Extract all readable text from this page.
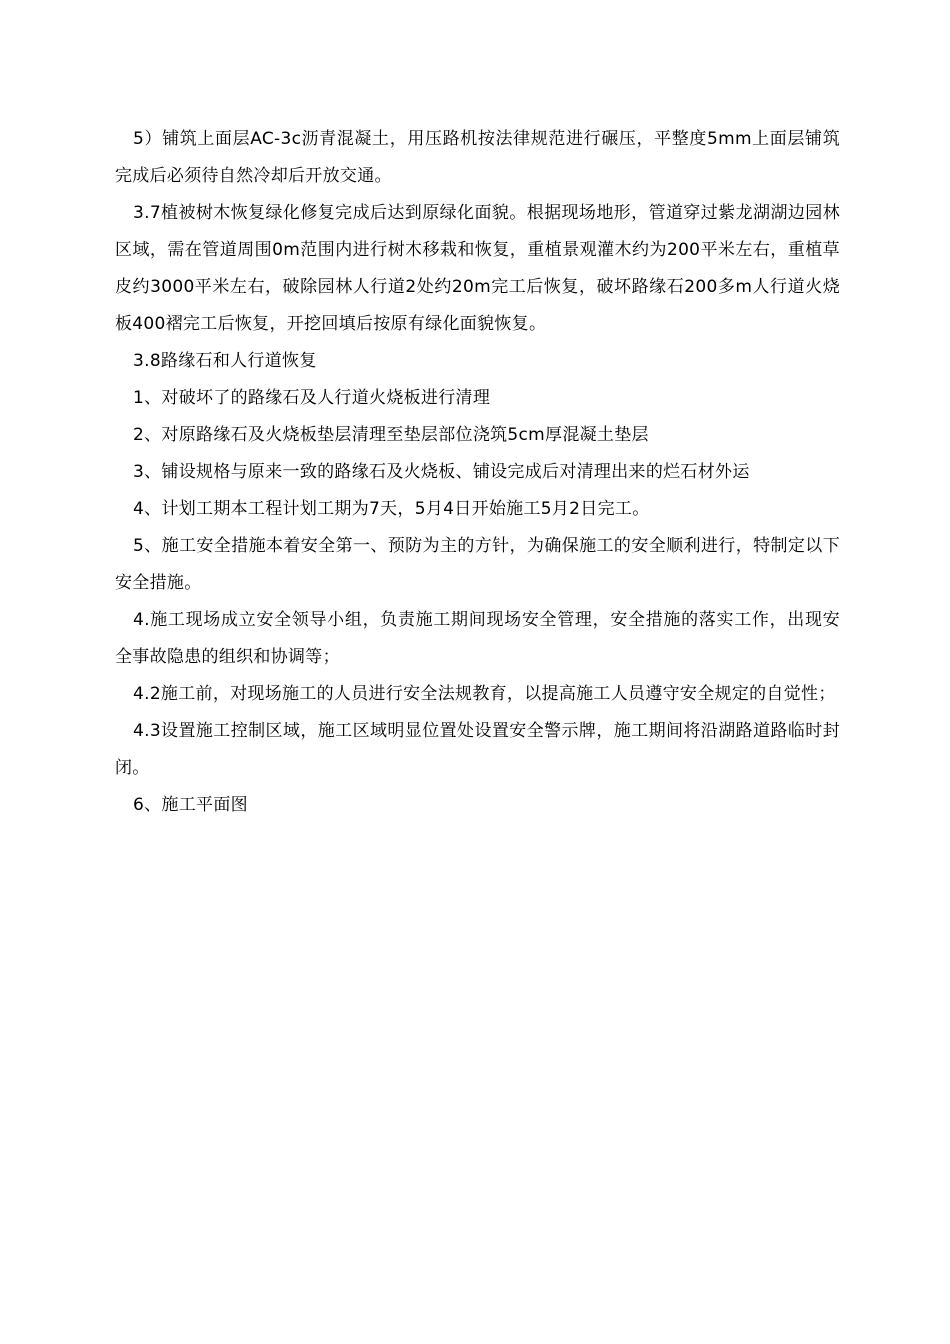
5）铺筑上面层AC-3c沥青混凝土，用压路机按法律规范进行碾压，平整度5mm上面层铺筑完成后必须待自然冷却后开放交通。

3.7植被树木恢复绿化修复完成后达到原绿化面貌。根据现场地形，管道穿过紫龙湖湖边园林区域，需在管道周围0m范围内进行树木移栽和恢复，重植景观灌木约为200平米左右，重植草皮约3000平米左右，破除园林人行道2处约20m完工后恢复，破坏路缘石200多m人行道火烧板400褶完工后恢复，开挖回填后按原有绿化面貌恢复。

3.8路缘石和人行道恢复

1、对破坏了的路缘石及人行道火烧板进行清理

2、对原路缘石及火烧板垫层清理至垫层部位浇筑5cm厚混凝土垫层

3、铺设规格与原来一致的路缘石及火烧板、铺设完成后对清理出来的烂石材外运

4、计划工期本工程计划工期为7天，5月4日开始施工5月2日完工。

5、施工安全措施本着安全第一、预防为主的方针，为确保施工的安全顺利进行，特制定以下安全措施。

4.施工现场成立安全领导小组，负责施工期间现场安全管理，安全措施的落实工作，出现安全事故隐患的组织和协调等；

4.2施工前，对现场施工的人员进行安全法规教育，以提高施工人员遵守安全规定的自觉性；

4.3设置施工控制区域，施工区域明显位置处设置安全警示牌，施工期间将沿湖路道路临时封闭。

6、施工平面图
